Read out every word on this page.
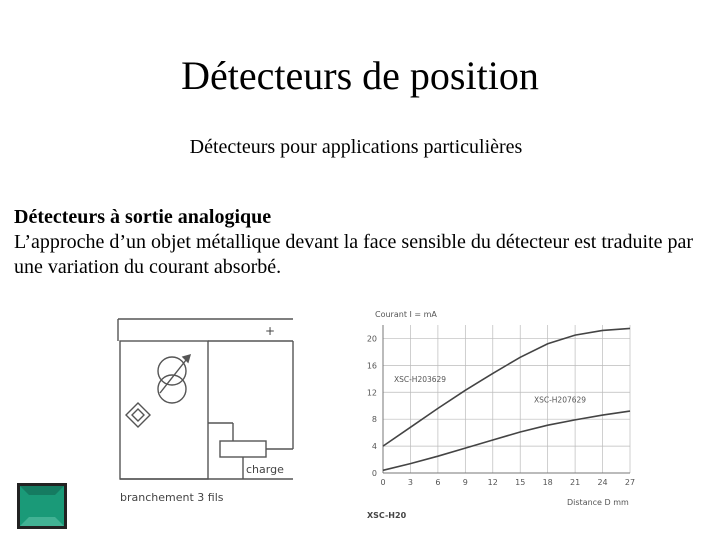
Détecteurs de position
Détecteurs pour applications particulières
Détecteurs à sortie analogique
L’approche d’un objet métallique devant la face sensible du détecteur est traduite par une variation du courant absorbé.
+
charge
branchement 3 fils
Courant I = mA
0	3	6	9 12 15 18 21 24 27
0
4
8
12
16
20
XSC-H203629
XSC-H207629
Distance D mm
XSC-H20
